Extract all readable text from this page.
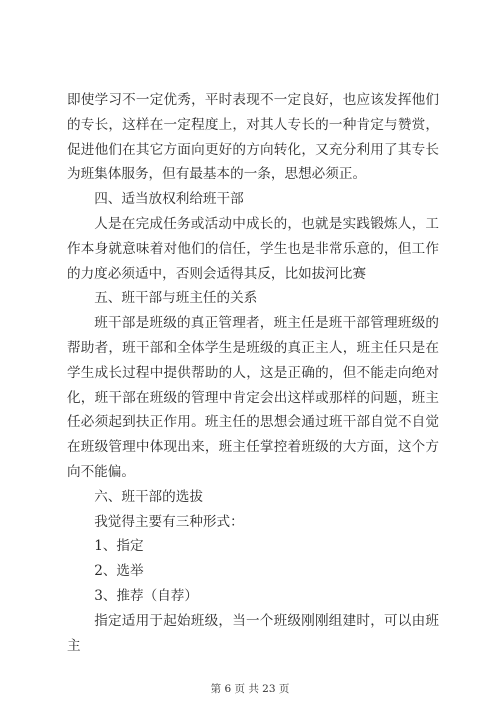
即使学习不一定优秀，平时表现不一定良好，也应该发挥他们的专长，这样在一定程度上，对其人专长的一种肯定与赞赏，促进他们在其它方面向更好的方向转化，又充分利用了其专长为班集体服务，但有最基本的一条，思想必须正。

四、适当放权利给班干部

人是在完成任务或活动中成长的，也就是实践锻炼人，工作本身就意味着对他们的信任，学生也是非常乐意的，但工作的力度必须适中，否则会适得其反，比如拔河比赛

五、班干部与班主任的关系

班干部是班级的真正管理者，班主任是班干部管理班级的帮助者，班干部和全体学生是班级的真正主人，班主任只是在学生成长过程中提供帮助的人，这是正确的，但不能走向绝对化，班干部在班级的管理中肯定会出这样或那样的问题，班主任必须起到扶正作用。班主任的思想会通过班干部自觉不自觉在班级管理中体现出来，班主任掌控着班级的大方面，这个方向不能偏。

六、班干部的选拔

我觉得主要有三种形式：

1、指定

2、选举

3、推荐（自荐）

指定适用于起始班级，当一个班级刚刚组建时，可以由班主

第 6 页 共 23 页
